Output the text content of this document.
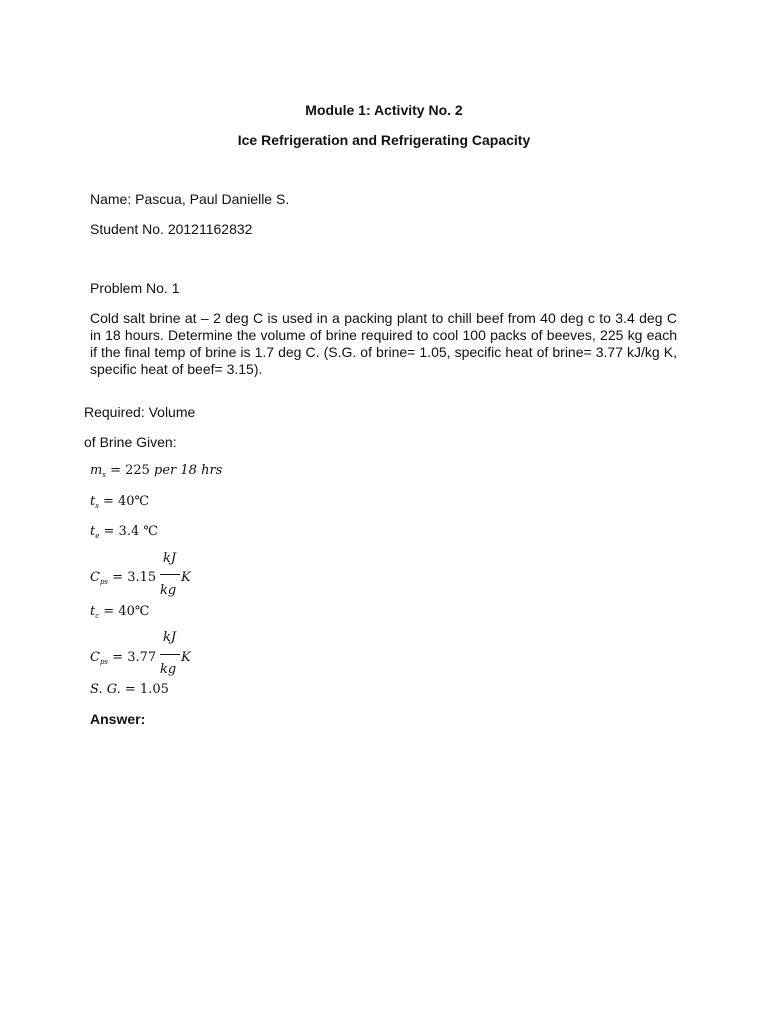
Module 1: Activity No. 2
Ice Refrigeration and Refrigerating Capacity
Name: Pascua, Paul Danielle S.
Student No. 20121162832
Problem No. 1
Cold salt brine at – 2 deg C is used in a packing plant to chill beef from 40 deg c to 3.4 deg C in 18 hours. Determine the volume of brine required to cool 100 packs of beeves, 225 kg each if the final temp of brine is 1.7 deg C. (S.G. of brine= 1.05, specific heat of brine= 3.77 kJ/kg K, specific heat of beef= 3.15).
Required: Volume
of Brine Given:
$m_s = 225$ per 18 hrs
$t_s$ = 40℃
$t_e = 3.4$ ℃
$C_{ps} = 3.15$
kJ
kg
K
$t_c$ = 40℃
$C_{ps} = 3.77$
kJ
kg
K
S. G. = 1.05
Answer:
